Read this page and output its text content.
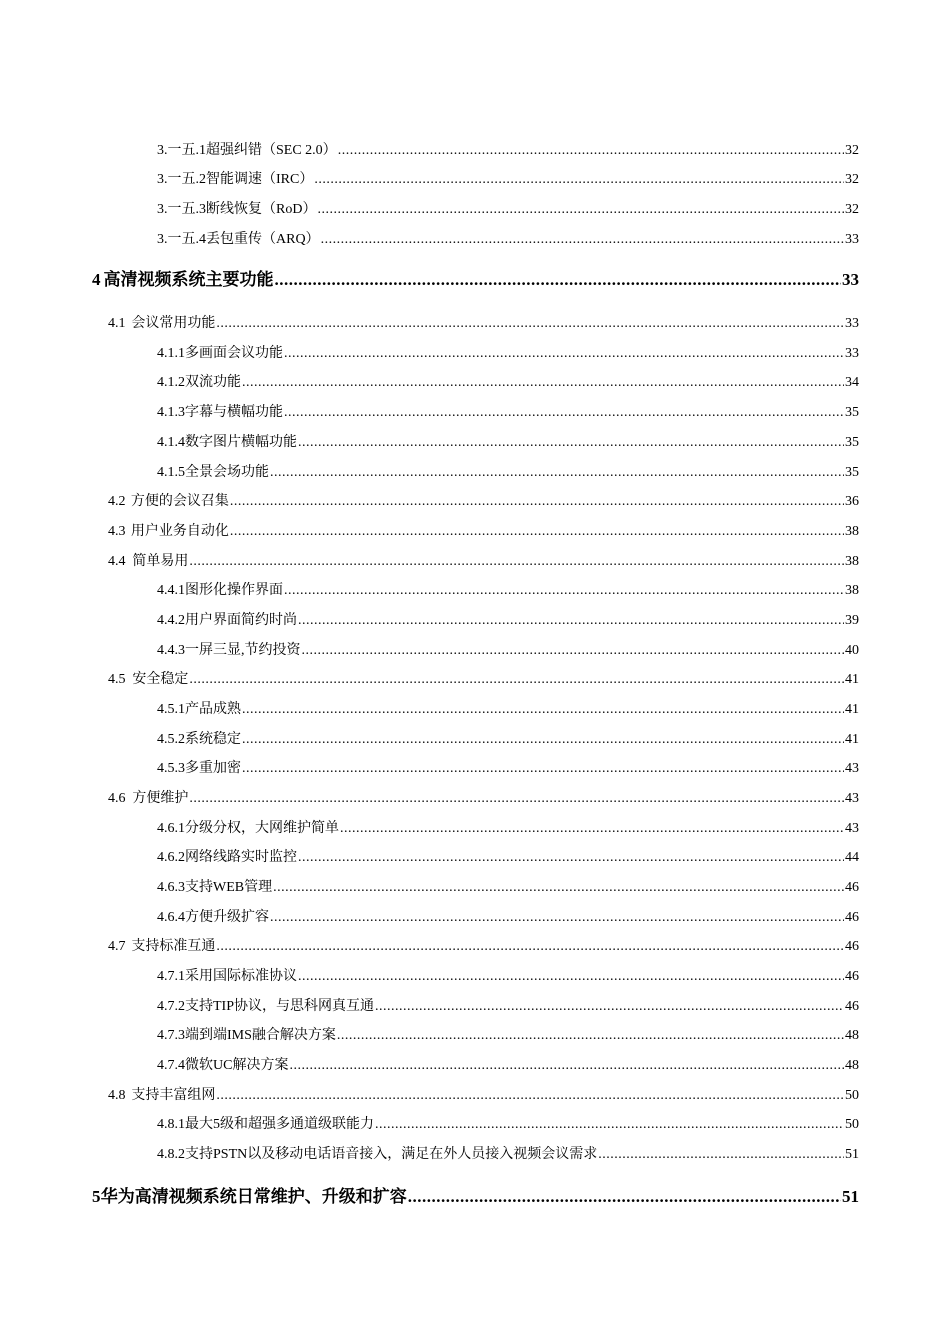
3.一五.1 超强纠错（SEC 2.0） .....	32
3.一五.2 智能调速（IRC） .....	32
3.一五.3 断线恢复（RoD） .....	32
3.一五.4 丢包重传（ARQ） .....	33
4 高清视频系统主要功能 .....	33
4.1 会议常用功能 .....	33
4.1.1 多画面会议功能 .....	33
4.1.2 双流功能 .....	34
4.1.3 字幕与横幅功能 .....	35
4.1.4 数字图片横幅功能 .....	35
4.1.5 全景会场功能 .....	35
4.2 方便的会议召集 .....	36
4.3 用户业务自动化 .....	38
4.4 简单易用 .....	38
4.4.1 图形化操作界面 .....	38
4.4.2 用户界面简约时尚 .....	39
4.4.3 一屏三显,节约投资 .....	40
4.5 安全稳定 .....	41
4.5.1 产品成熟 .....	41
4.5.2 系统稳定 .....	41
4.5.3 多重加密 .....	43
4.6 方便维护 .....	43
4.6.1 分级分权，大网维护简单 .....	43
4.6.2 网络线路实时监控 .....	44
4.6.3 支持WEB管理 .....	46
4.6.4 方便升级扩容 .....	46
4.7 支持标准互通 .....	46
4.7.1 采用国际标准协议 .....	46
4.7.2 支持TIP协议，与思科网真互通 .....	46
4.7.3 端到端IMS融合解决方案 .....	48
4.7.4 微软UC解决方案 .....	48
4.8 支持丰富组网 .....	50
4.8.1 最大5级和超强多通道级联能力 .....	50
4.8.2 支持PSTN以及移动电话语音接入，满足在外人员接入视频会议需求 .....	51
5 华为高清视频系统日常维护、升级和扩容 .....	51
